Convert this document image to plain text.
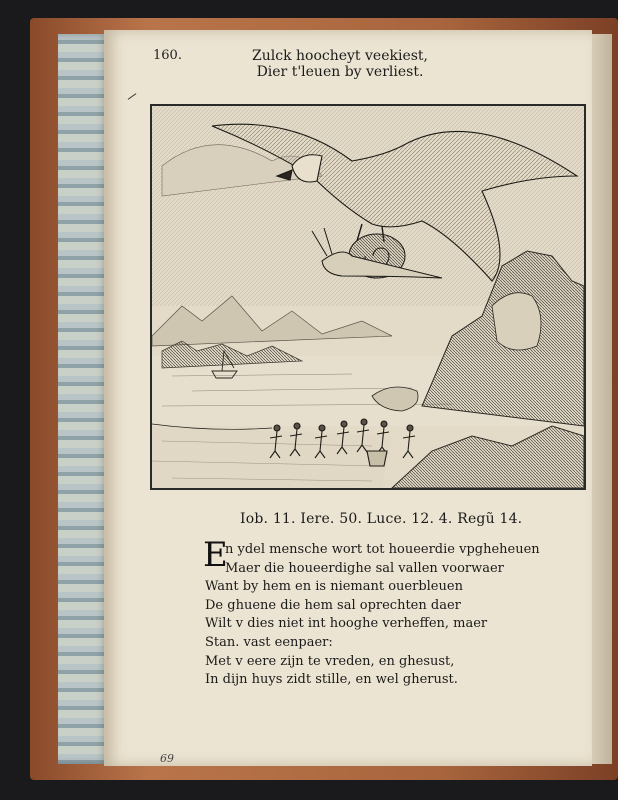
160.	Zulck hoocheyt veekiest,
Dier t'leuen by verliest.
Iob. 11. Iere. 50. Luce. 12. 4. Regũ 14.
E
n ydel mensche wort tot houeerdie vpgheheuen
Maer die houeerdighe sal vallen voorwaer
Want by hem en is niemant ouerbleuen
De ghuene die hem sal oprechten daer
Wilt v dies niet int hooghe verheffen, maer
Stan. vast eenpaer:
Met v eere zijn te vreden, en ghesust,
In dijn huys zidt stille, en wel gherust.
69
